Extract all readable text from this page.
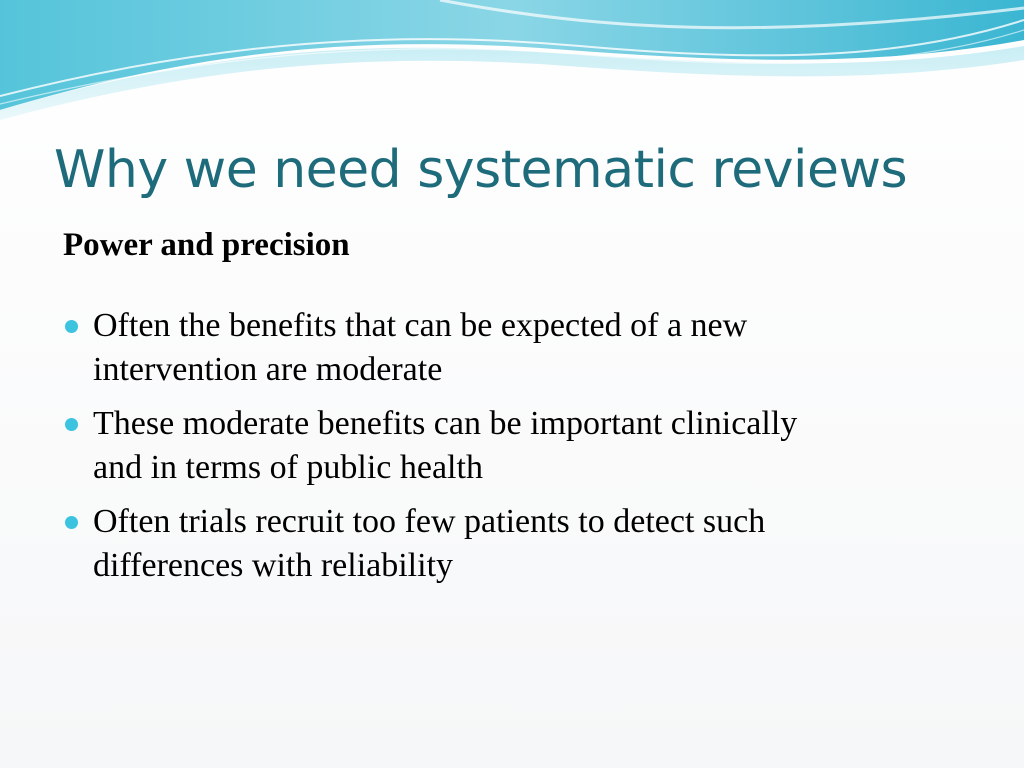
Why we need systematic reviews
Power and precision
Often the benefits that can be expected of a new
intervention are moderate
These moderate benefits can be important clinically
and in terms of public health
Often trials recruit too few patients to detect such
differences with reliability
